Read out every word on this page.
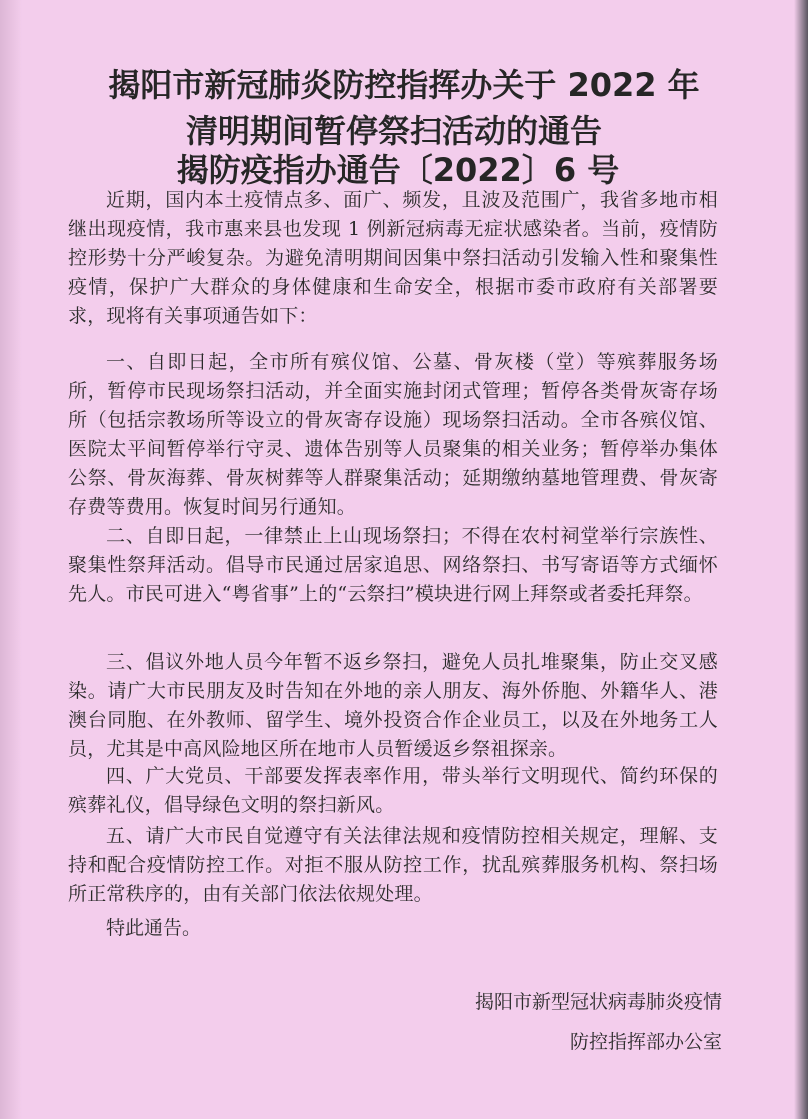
揭阳市新冠肺炎防控指挥办关于 2022 年
清明期间暂停祭扫活动的通告
揭防疫指办通告〔2022〕6 号
近期，国内本土疫情点多、面广、频发，且波及范围广，我省多地市相继出现疫情，我市惠来县也发现 1 例新冠病毒无症状感染者。当前，疫情防控形势十分严峻复杂。为避免清明期间因集中祭扫活动引发输入性和聚集性疫情，保护广大群众的身体健康和生命安全，根据市委市政府有关部署要求，现将有关事项通告如下：
一、自即日起，全市所有殡仪馆、公墓、骨灰楼（堂）等殡葬服务场所，暂停市民现场祭扫活动，并全面实施封闭式管理；暂停各类骨灰寄存场所（包括宗教场所等设立的骨灰寄存设施）现场祭扫活动。全市各殡仪馆、医院太平间暂停举行守灵、遗体告别等人员聚集的相关业务；暂停举办集体公祭、骨灰海葬、骨灰树葬等人群聚集活动；延期缴纳墓地管理费、骨灰寄存费等费用。恢复时间另行通知。
二、自即日起，一律禁止上山现场祭扫；不得在农村祠堂举行宗族性、聚集性祭拜活动。倡导市民通过居家追思、网络祭扫、书写寄语等方式缅怀先人。市民可进入“粤省事”上的“云祭扫”模块进行网上拜祭或者委托拜祭。
三、倡议外地人员今年暂不返乡祭扫，避免人员扎堆聚集，防止交叉感染。请广大市民朋友及时告知在外地的亲人朋友、海外侨胞、外籍华人、港澳台同胞、在外教师、留学生、境外投资合作企业员工，以及在外地务工人员，尤其是中高风险地区所在地市人员暂缓返乡祭祖探亲。
四、广大党员、干部要发挥表率作用，带头举行文明现代、简约环保的殡葬礼仪，倡导绿色文明的祭扫新风。
五、请广大市民自觉遵守有关法律法规和疫情防控相关规定，理解、支持和配合疫情防控工作。对拒不服从防控工作，扰乱殡葬服务机构、祭扫场所正常秩序的，由有关部门依法依规处理。
特此通告。
揭阳市新型冠状病毒肺炎疫情
防控指挥部办公室
